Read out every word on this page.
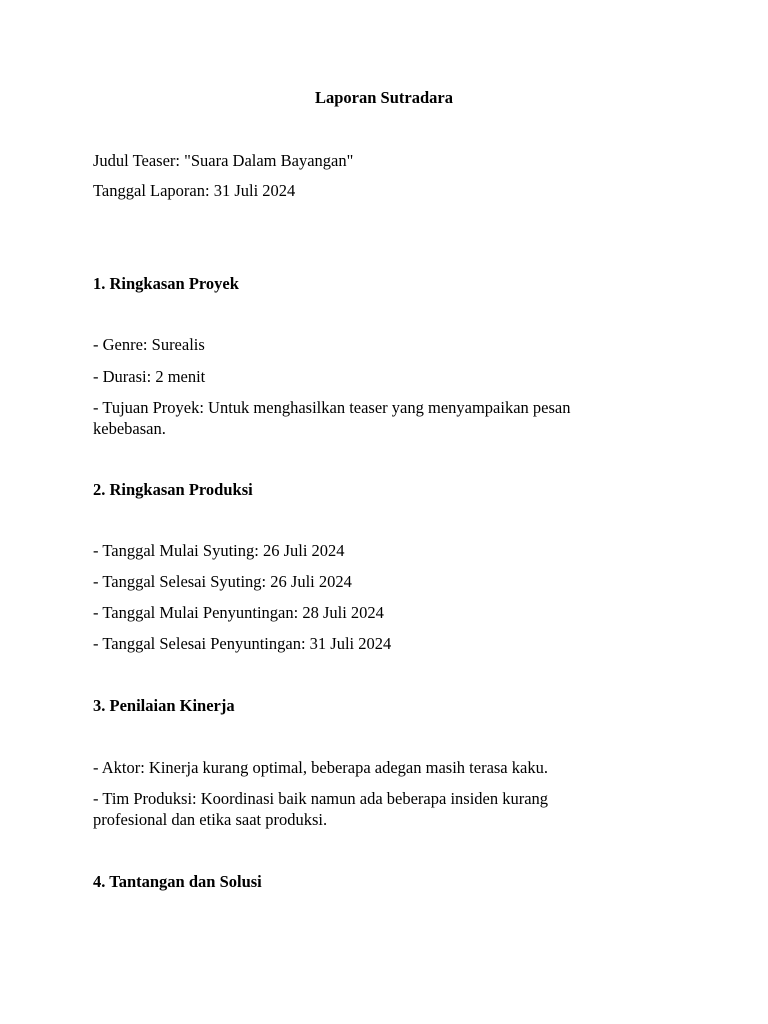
Laporan Sutradara
Judul Teaser: "Suara Dalam Bayangan"
Tanggal Laporan: 31 Juli 2024
1. Ringkasan Proyek
- Genre: Surealis
- Durasi: 2 menit
- Tujuan Proyek: Untuk menghasilkan teaser yang menyampaikan pesan kebebasan.
2. Ringkasan Produksi
- Tanggal Mulai Syuting: 26 Juli 2024
- Tanggal Selesai Syuting: 26 Juli 2024
- Tanggal Mulai Penyuntingan: 28 Juli 2024
- Tanggal Selesai Penyuntingan: 31 Juli 2024
3. Penilaian Kinerja
- Aktor: Kinerja kurang optimal, beberapa adegan masih terasa kaku.
- Tim Produksi: Koordinasi baik namun ada beberapa insiden kurang profesional dan etika saat produksi.
4. Tantangan dan Solusi
